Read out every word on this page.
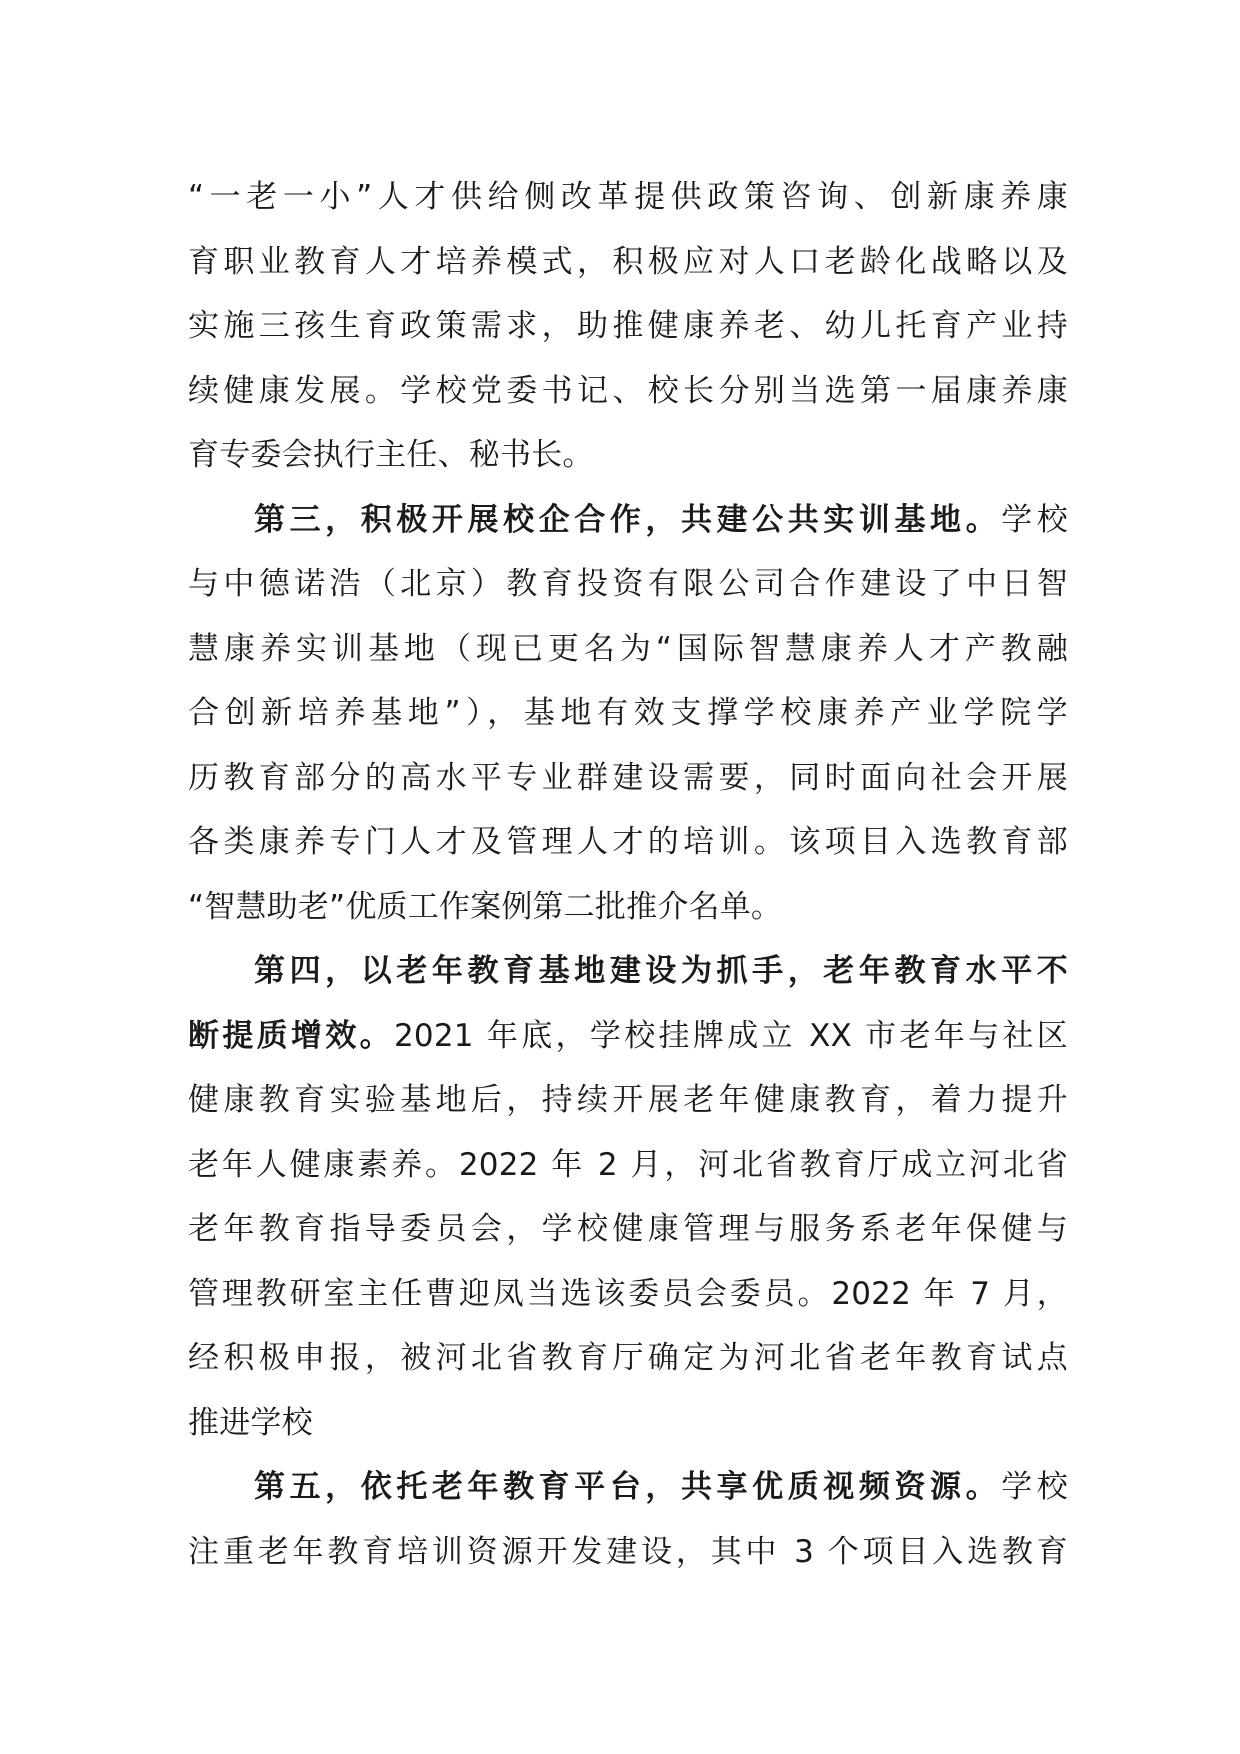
“一老一小”人才供给侧改革提供政策咨询、创新康养康
育职业教育人才培养模式，积极应对人口老龄化战略以及
实施三孩生育政策需求，助推健康养老、幼儿托育产业持
续健康发展。学校党委书记、校长分别当选第一届康养康
育专委会执行主任、秘书长。
第三，积极开展校企合作，共建公共实训基地。学校
与中德诺浩（北京）教育投资有限公司合作建设了中日智
慧康养实训基地（现已更名为“国际智慧康养人才产教融
合创新培养基地”），基地有效支撑学校康养产业学院学
历教育部分的高水平专业群建设需要，同时面向社会开展
各类康养专门人才及管理人才的培训。该项目入选教育部
“智慧助老”优质工作案例第二批推介名单。
第四，以老年教育基地建设为抓手，老年教育水平不
断提质增效。2021 年底，学校挂牌成立 XX 市老年与社区
健康教育实验基地后，持续开展老年健康教育，着力提升
老年人健康素养。2022 年 2 月，河北省教育厅成立河北省
老年教育指导委员会，学校健康管理与服务系老年保健与
管理教研室主任曹迎凤当选该委员会委员。2022 年 7 月，
经积极申报，被河北省教育厅确定为河北省老年教育试点
推进学校
第五，依托老年教育平台，共享优质视频资源。学校
注重老年教育培训资源开发建设，其中 3 个项目入选教育
